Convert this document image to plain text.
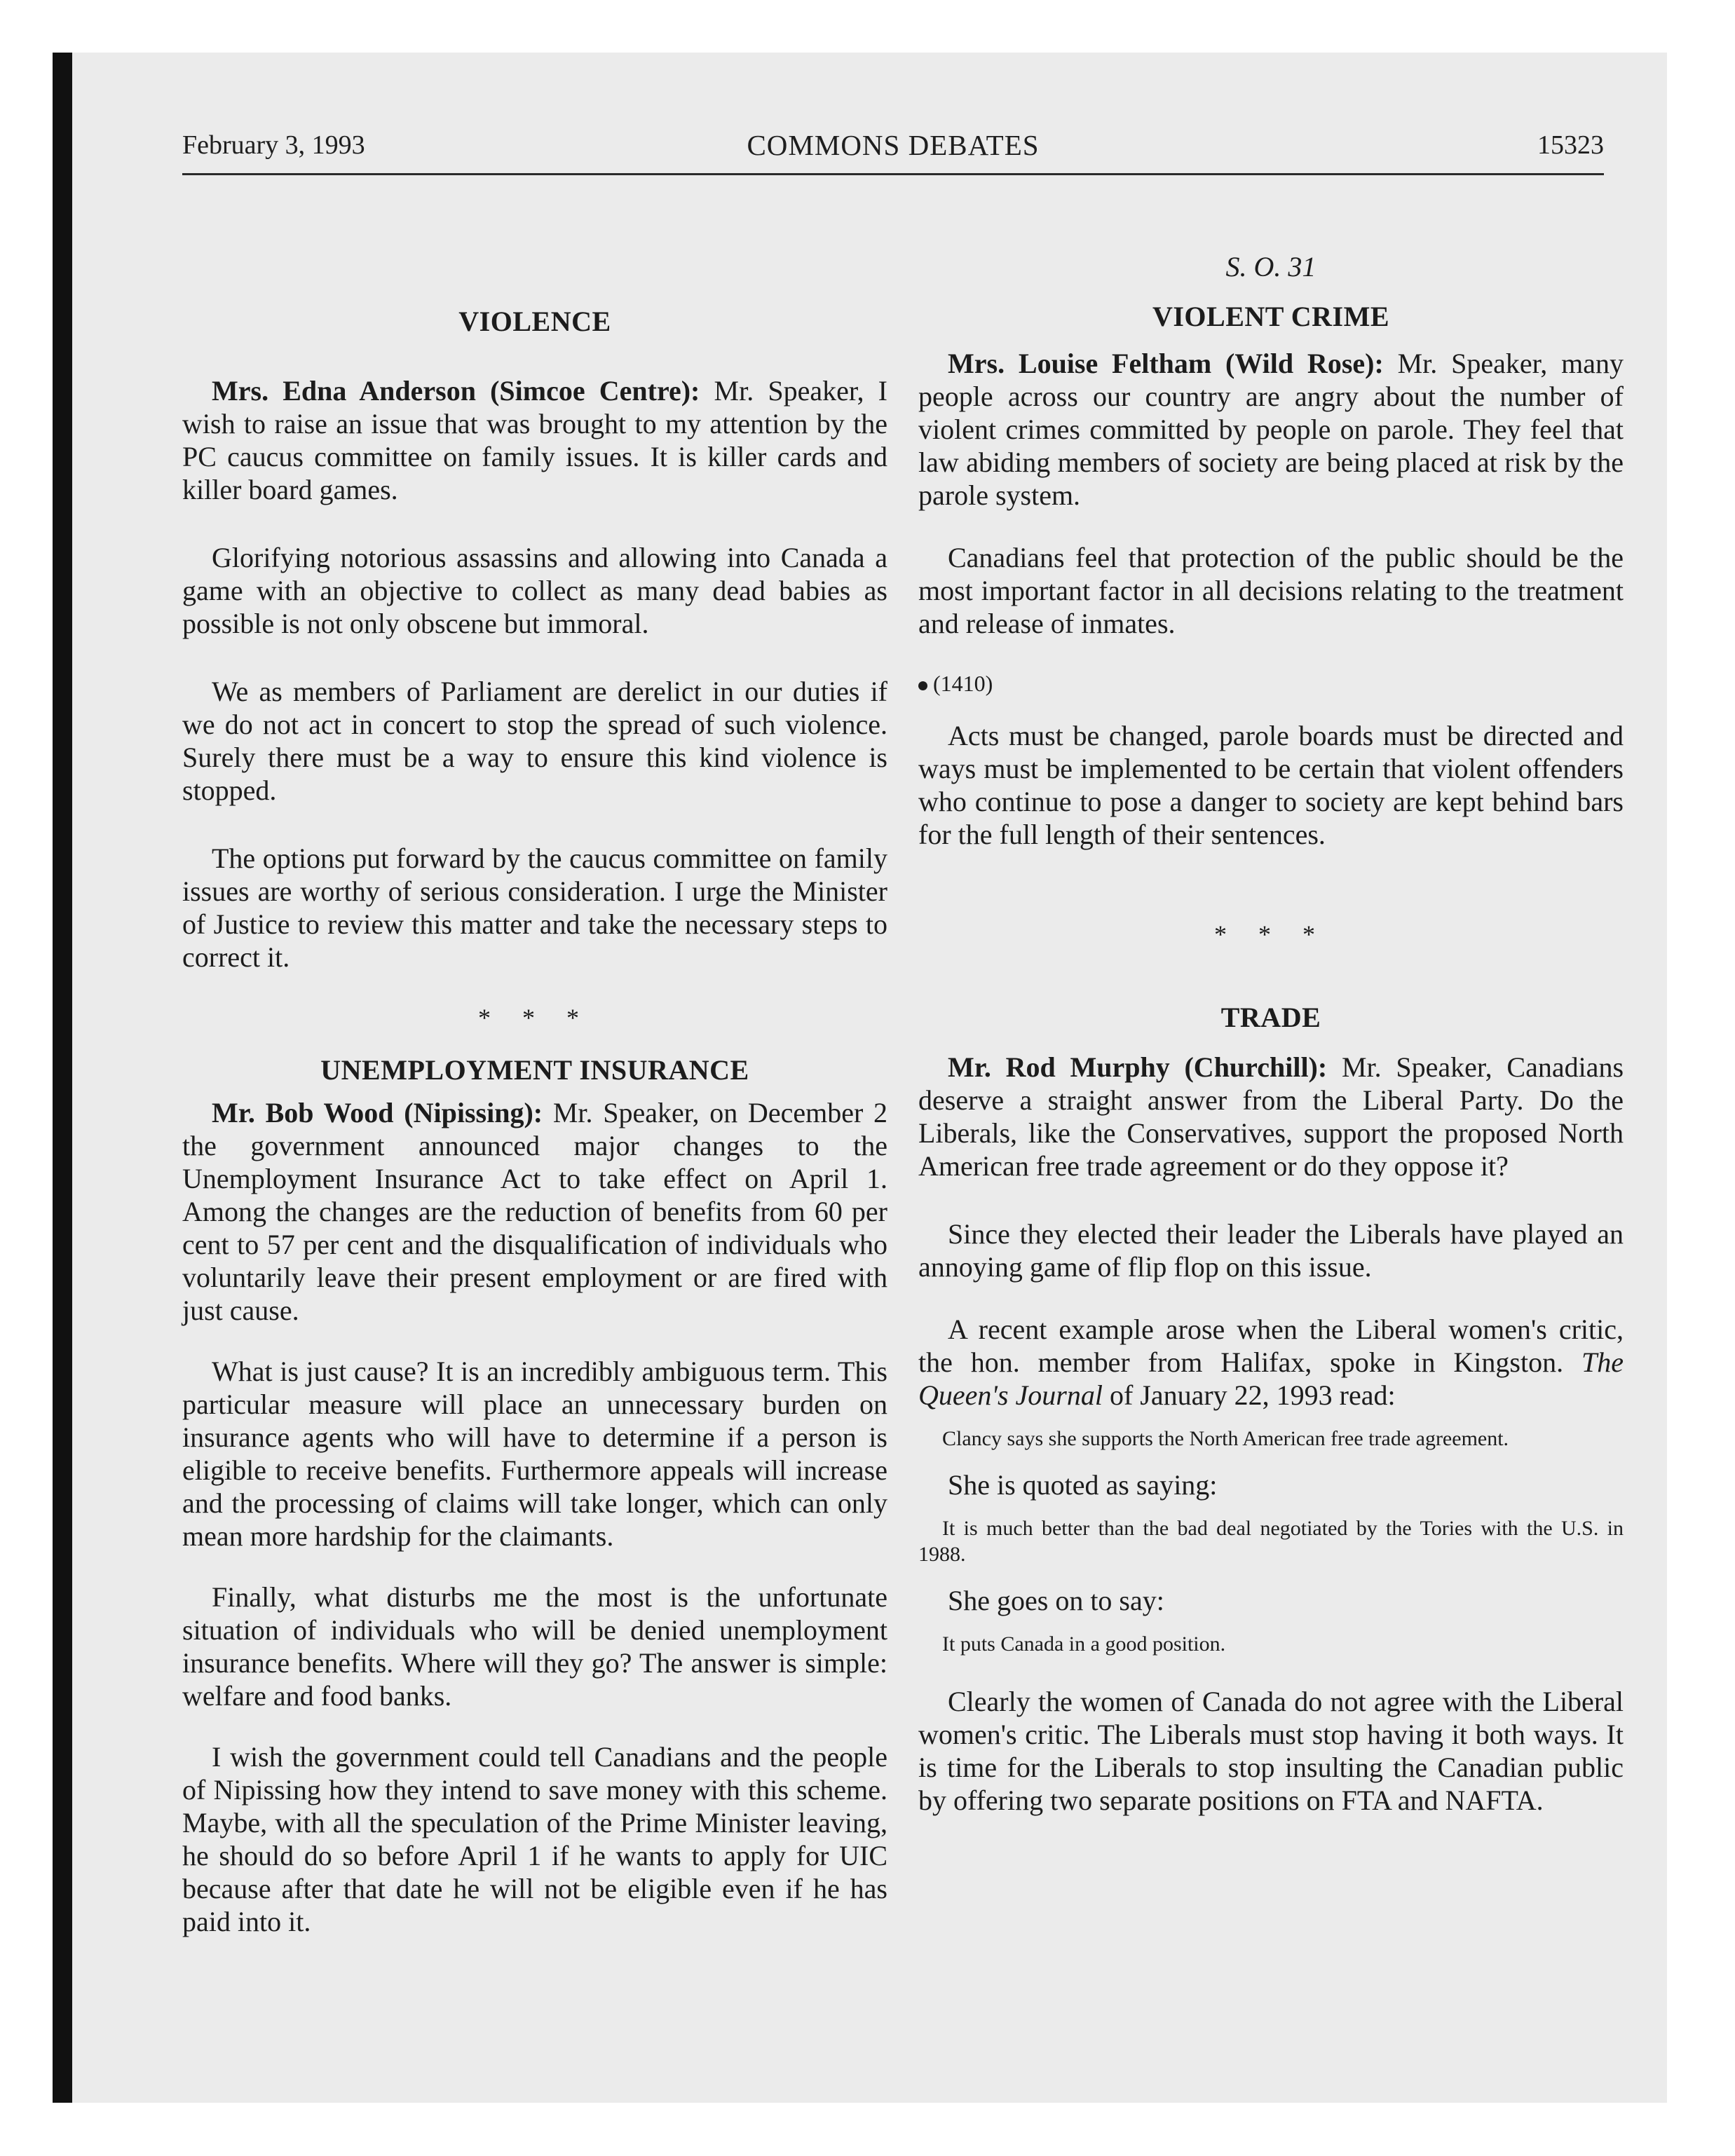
February 3, 1993	COMMONS DEBATES	15323
VIOLENCE

Mrs. Edna Anderson (Simcoe Centre): Mr. Speaker, I wish to raise an issue that was brought to my attention by the PC caucus committee on family issues. It is killer cards and killer board games.

Glorifying notorious assassins and allowing into Canada a game with an objective to collect as many dead babies as possible is not only obscene but immoral.

We as members of Parliament are derelict in our duties if we do not act in concert to stop the spread of such violence. Surely there must be a way to ensure this kind violence is stopped.

The options put forward by the caucus committee on family issues are worthy of serious consideration. I urge the Minister of Justice to review this matter and take the necessary steps to correct it.

* * *

UNEMPLOYMENT INSURANCE

Mr. Bob Wood (Nipissing): Mr. Speaker, on December 2 the government announced major changes to the Unemployment Insurance Act to take effect on April 1. Among the changes are the reduction of benefits from 60 per cent to 57 per cent and the disqualification of individuals who voluntarily leave their present employment or are fired with just cause.

What is just cause? It is an incredibly ambiguous term. This particular measure will place an unnecessary burden on insurance agents who will have to determine if a person is eligible to receive benefits. Furthermore appeals will increase and the processing of claims will take longer, which can only mean more hardship for the claimants.

Finally, what disturbs me the most is the unfortunate situation of individuals who will be denied unemployment insurance benefits. Where will they go? The answer is simple: welfare and food banks.

I wish the government could tell Canadians and the people of Nipissing how they intend to save money with this scheme. Maybe, with all the speculation of the Prime Minister leaving, he should do so before April 1 if he wants to apply for UIC because after that date he will not be eligible even if he has paid into it.

S. O. 31

VIOLENT CRIME

Mrs. Louise Feltham (Wild Rose): Mr. Speaker, many people across our country are angry about the number of violent crimes committed by people on parole. They feel that law abiding members of society are being placed at risk by the parole system.

Canadians feel that protection of the public should be the most important factor in all decisions relating to the treatment and release of inmates.

(1410)

Acts must be changed, parole boards must be directed and ways must be implemented to be certain that violent offenders who continue to pose a danger to society are kept behind bars for the full length of their sentences.

* * *

TRADE

Mr. Rod Murphy (Churchill): Mr. Speaker, Canadians deserve a straight answer from the Liberal Party. Do the Liberals, like the Conservatives, support the proposed North American free trade agreement or do they oppose it?

Since they elected their leader the Liberals have played an annoying game of flip flop on this issue.

A recent example arose when the Liberal women's critic, the hon. member from Halifax, spoke in Kingston. The Queen's Journal of January 22, 1993 read:

Clancy says she supports the North American free trade agreement.

She is quoted as saying:

It is much better than the bad deal negotiated by the Tories with the U.S. in 1988.

She goes on to say:

It puts Canada in a good position.

Clearly the women of Canada do not agree with the Liberal women's critic. The Liberals must stop having it both ways. It is time for the Liberals to stop insulting the Canadian public by offering two separate positions on FTA and NAFTA.
